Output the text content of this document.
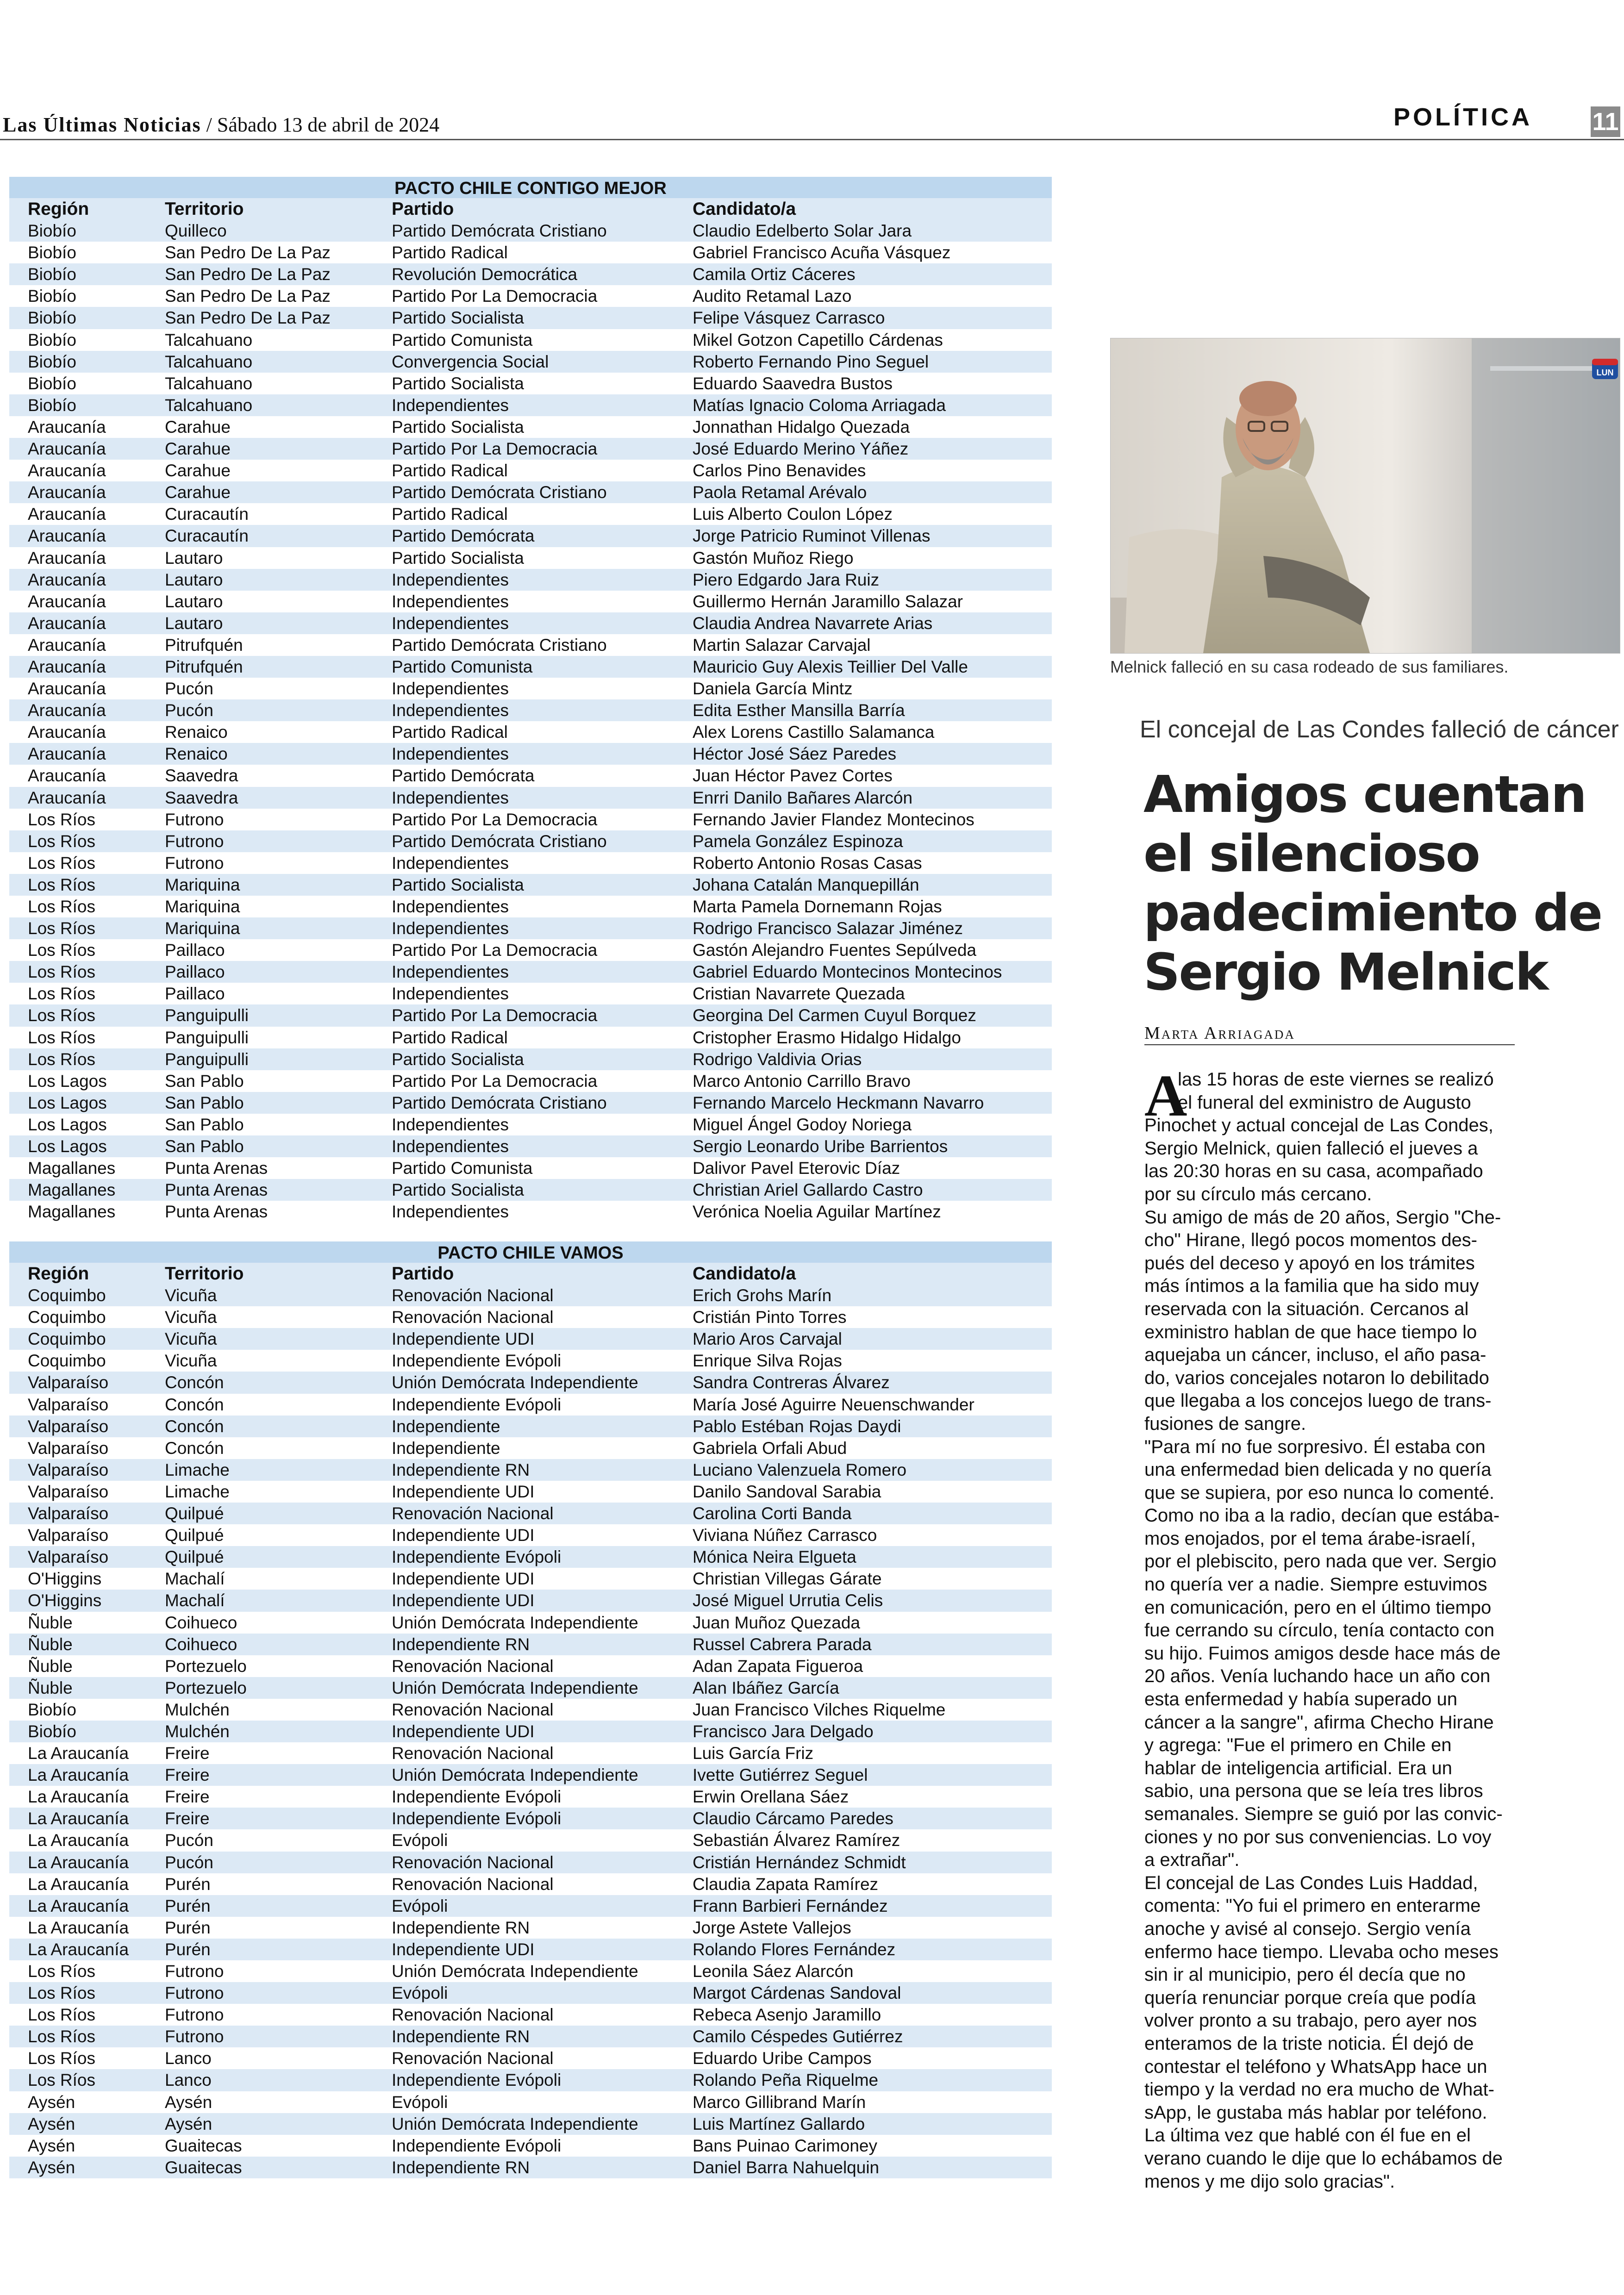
Las Últimas Noticias / Sábado 13 de abril de 2024	POLÍTICA 11
PACTO CHILE CONTIGO MEJOR
Región	Territorio	Partido	Candidato/a
Biobío	Quilleco	Partido Demócrata Cristiano	Claudio Edelberto Solar Jara
Biobío	San Pedro De La Paz	Partido Radical	Gabriel Francisco Acuña Vásquez
Biobío	San Pedro De La Paz	Revolución Democrática	Camila Ortiz Cáceres
Biobío	San Pedro De La Paz	Partido Por La Democracia	Audito Retamal Lazo
Biobío	San Pedro De La Paz	Partido Socialista	Felipe Vásquez Carrasco
Biobío	Talcahuano	Partido Comunista	Mikel Gotzon Capetillo Cárdenas
Biobío	Talcahuano	Convergencia Social	Roberto Fernando Pino Seguel
Biobío	Talcahuano	Partido Socialista	Eduardo Saavedra Bustos
Biobío	Talcahuano	Independientes	Matías Ignacio Coloma Arriagada
Araucanía	Carahue	Partido Socialista	Jonnathan Hidalgo Quezada
Araucanía	Carahue	Partido Por La Democracia	José Eduardo Merino Yáñez
Araucanía	Carahue	Partido Radical	Carlos Pino Benavides
Araucanía	Carahue	Partido Demócrata Cristiano	Paola Retamal Arévalo
Araucanía	Curacautín	Partido Radical	Luis Alberto Coulon López
Araucanía	Curacautín	Partido Demócrata	Jorge Patricio Ruminot Villenas
Araucanía	Lautaro	Partido Socialista	Gastón Muñoz Riego
Araucanía	Lautaro	Independientes	Piero Edgardo Jara Ruiz
Araucanía	Lautaro	Independientes	Guillermo Hernán Jaramillo Salazar
Araucanía	Lautaro	Independientes	Claudia Andrea Navarrete Arias
Araucanía	Pitrufquén	Partido Demócrata Cristiano	Martin Salazar Carvajal
Araucanía	Pitrufquén	Partido Comunista	Mauricio Guy Alexis Teillier Del Valle
Araucanía	Pucón	Independientes	Daniela García Mintz
Araucanía	Pucón	Independientes	Edita Esther Mansilla Barría
Araucanía	Renaico	Partido Radical	Alex Lorens Castillo Salamanca
Araucanía	Renaico	Independientes	Héctor José Sáez Paredes
Araucanía	Saavedra	Partido Demócrata	Juan Héctor Pavez Cortes
Araucanía	Saavedra	Independientes	Enrri Danilo Bañares Alarcón
Los Ríos	Futrono	Partido Por La Democracia	Fernando Javier Flandez Montecinos
Los Ríos	Futrono	Partido Demócrata Cristiano	Pamela González Espinoza
Los Ríos	Futrono	Independientes	Roberto Antonio Rosas Casas
Los Ríos	Mariquina	Partido Socialista	Johana Catalán Manquepillán
Los Ríos	Mariquina	Independientes	Marta Pamela Dornemann Rojas
Los Ríos	Mariquina	Independientes	Rodrigo Francisco Salazar Jiménez
Los Ríos	Paillaco	Partido Por La Democracia	Gastón Alejandro Fuentes Sepúlveda
Los Ríos	Paillaco	Independientes	Gabriel Eduardo Montecinos Montecinos
Los Ríos	Paillaco	Independientes	Cristian Navarrete Quezada
Los Ríos	Panguipulli	Partido Por La Democracia	Georgina Del Carmen Cuyul Borquez
Los Ríos	Panguipulli	Partido Radical	Cristopher Erasmo Hidalgo Hidalgo
Los Ríos	Panguipulli	Partido Socialista	Rodrigo Valdivia Orias
Los Lagos	San Pablo	Partido Por La Democracia	Marco Antonio Carrillo Bravo
Los Lagos	San Pablo	Partido Demócrata Cristiano	Fernando Marcelo Heckmann Navarro
Los Lagos	San Pablo	Independientes	Miguel Ángel Godoy Noriega
Los Lagos	San Pablo	Independientes	Sergio Leonardo Uribe Barrientos
Magallanes	Punta Arenas	Partido Comunista	Dalivor Pavel Eterovic Díaz
Magallanes	Punta Arenas	Partido Socialista	Christian Ariel Gallardo Castro
Magallanes	Punta Arenas	Independientes	Verónica Noelia Aguilar Martínez
PACTO CHILE VAMOS
Región	Territorio	Partido	Candidato/a
Coquimbo	Vicuña	Renovación Nacional	Erich Grohs Marín
Coquimbo	Vicuña	Renovación Nacional	Cristián Pinto Torres
Coquimbo	Vicuña	Independiente UDI	Mario Aros Carvajal
Coquimbo	Vicuña	Independiente Evópoli	Enrique Silva Rojas
Valparaíso	Concón	Unión Demócrata Independiente	Sandra Contreras Álvarez
Valparaíso	Concón	Independiente Evópoli	María José Aguirre Neuenschwander
Valparaíso	Concón	Independiente	Pablo Estéban Rojas Daydi
Valparaíso	Concón	Independiente	Gabriela Orfali Abud
Valparaíso	Limache	Independiente RN	Luciano Valenzuela Romero
Valparaíso	Limache	Independiente UDI	Danilo Sandoval Sarabia
Valparaíso	Quilpué	Renovación Nacional	Carolina Corti Banda
Valparaíso	Quilpué	Independiente UDI	Viviana Núñez Carrasco
Valparaíso	Quilpué	Independiente Evópoli	Mónica Neira Elgueta
O'Higgins	Machalí	Independiente UDI	Christian Villegas Gárate
O'Higgins	Machalí	Independiente UDI	José Miguel Urrutia Celis
Ñuble	Coihueco	Unión Demócrata Independiente	Juan Muñoz Quezada
Ñuble	Coihueco	Independiente RN	Russel Cabrera Parada
Ñuble	Portezuelo	Renovación Nacional	Adan Zapata Figueroa
Ñuble	Portezuelo	Unión Demócrata Independiente	Alan Ibáñez García
Biobío	Mulchén	Renovación Nacional	Juan Francisco Vilches Riquelme
Biobío	Mulchén	Independiente UDI	Francisco Jara Delgado
La Araucanía	Freire	Renovación Nacional	Luis García Friz
La Araucanía	Freire	Unión Demócrata Independiente	Ivette Gutiérrez Seguel
La Araucanía	Freire	Independiente Evópoli	Erwin Orellana Sáez
La Araucanía	Freire	Independiente Evópoli	Claudio Cárcamo Paredes
La Araucanía	Pucón	Evópoli	Sebastián Álvarez Ramírez
La Araucanía	Pucón	Renovación Nacional	Cristián Hernández Schmidt
La Araucanía	Purén	Renovación Nacional	Claudia Zapata Ramírez
La Araucanía	Purén	Evópoli	Frann Barbieri Fernández
La Araucanía	Purén	Independiente RN	Jorge Astete Vallejos
La Araucanía	Purén	Independiente UDI	Rolando Flores Fernández
Los Ríos	Futrono	Unión Demócrata Independiente	Leonila Sáez Alarcón
Los Ríos	Futrono	Evópoli	Margot Cárdenas Sandoval
Los Ríos	Futrono	Renovación Nacional	Rebeca Asenjo Jaramillo
Los Ríos	Futrono	Independiente RN	Camilo Céspedes Gutiérrez
Los Ríos	Lanco	Renovación Nacional	Eduardo Uribe Campos
Los Ríos	Lanco	Independiente Evópoli	Rolando Peña Riquelme
Aysén	Aysén	Evópoli	Marco Gillibrand Marín
Aysén	Aysén	Unión Demócrata Independiente	Luis Martínez Gallardo
Aysén	Guaitecas	Independiente Evópoli	Bans Puinao Carimoney
Aysén	Guaitecas	Independiente RN	Daniel Barra Nahuelquin
LUN
Melnick falleció en su casa rodeado de sus familiares.
El concejal de Las Condes falleció de cáncer
Amigos cuentan
el silencioso
padecimiento de
Sergio Melnick
Marta Arriagada
A

las 15 horas de este viernes se realizó
el funeral del exministro de Augusto
Pinochet y actual concejal de Las Condes,
Sergio Melnick, quien falleció el jueves a
las 20:30 horas en su casa, acompañado
por su círculo más cercano.

Su amigo de más de 20 años, Sergio "Che-
cho" Hirane, llegó pocos momentos des-
pués del deceso y apoyó en los trámites
más íntimos a la familia que ha sido muy
reservada con la situación. Cercanos al
exministro hablan de que hace tiempo lo
aquejaba un cáncer, incluso, el año pasa-
do, varios concejales notaron lo debilitado
que llegaba a los concejos luego de trans-
fusiones de sangre.

"Para mí no fue sorpresivo. Él estaba con
una enfermedad bien delicada y no quería
que se supiera, por eso nunca lo comenté.
Como no iba a la radio, decían que estába-
mos enojados, por el tema árabe-israelí,
por el plebiscito, pero nada que ver. Sergio
no quería ver a nadie. Siempre estuvimos
en comunicación, pero en el último tiempo
fue cerrando su círculo, tenía contacto con
su hijo. Fuimos amigos desde hace más de
20 años. Venía luchando hace un año con
esta enfermedad y había superado un
cáncer a la sangre", afirma Checho Hirane
y agrega: "Fue el primero en Chile en
hablar de inteligencia artificial. Era un
sabio, una persona que se leía tres libros
semanales. Siempre se guió por las convic-
ciones y no por sus conveniencias. Lo voy
a extrañar".

El concejal de Las Condes Luis Haddad,
comenta: "Yo fui el primero en enterarme
anoche y avisé al consejo. Sergio venía
enfermo hace tiempo. Llevaba ocho meses
sin ir al municipio, pero él decía que no
quería renunciar porque creía que podía
volver pronto a su trabajo, pero ayer nos
enteramos de la triste noticia. Él dejó de
contestar el teléfono y WhatsApp hace un
tiempo y la verdad no era mucho de What-
sApp, le gustaba más hablar por teléfono.
La última vez que hablé con él fue en el
verano cuando le dije que lo echábamos de
menos y me dijo solo gracias".
